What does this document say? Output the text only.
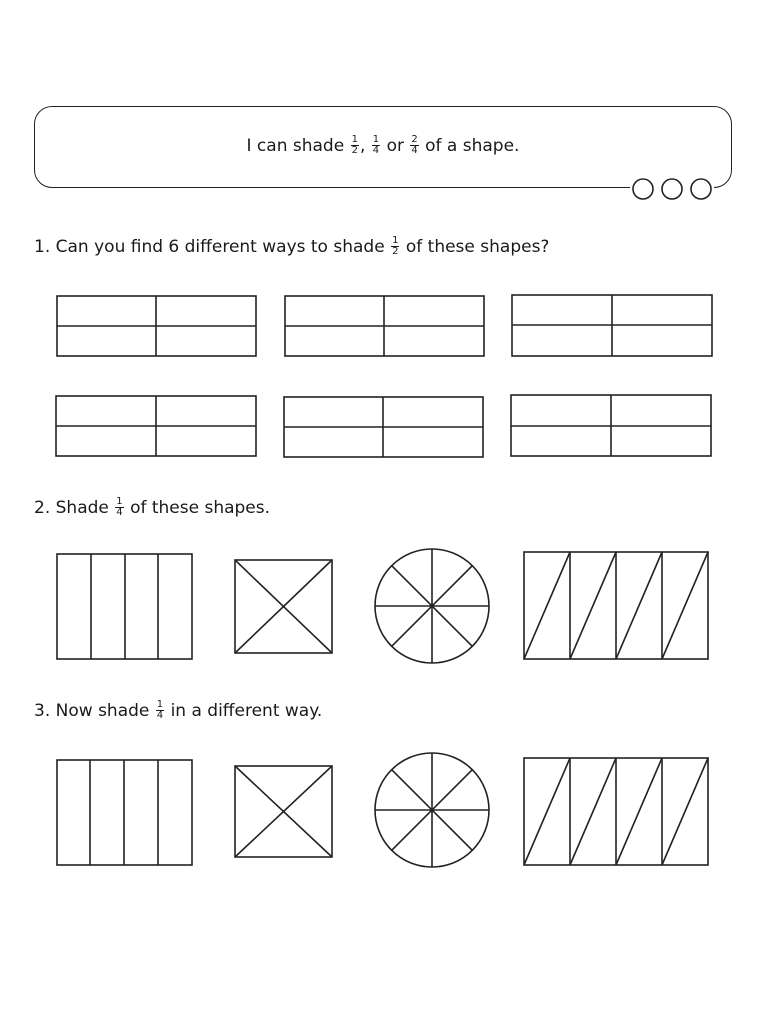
I can shade $\frac{1}{2}$ , $\frac{1}{4}$ or $\frac{2}{4}$ of a shape.
1. Can you find 6 different ways to shade $\frac{1}{2}$ of these shapes?
2. Shade $\frac{1}{4}$ of these shapes.
3. Now shade $\frac{1}{4}$ in a different way.
